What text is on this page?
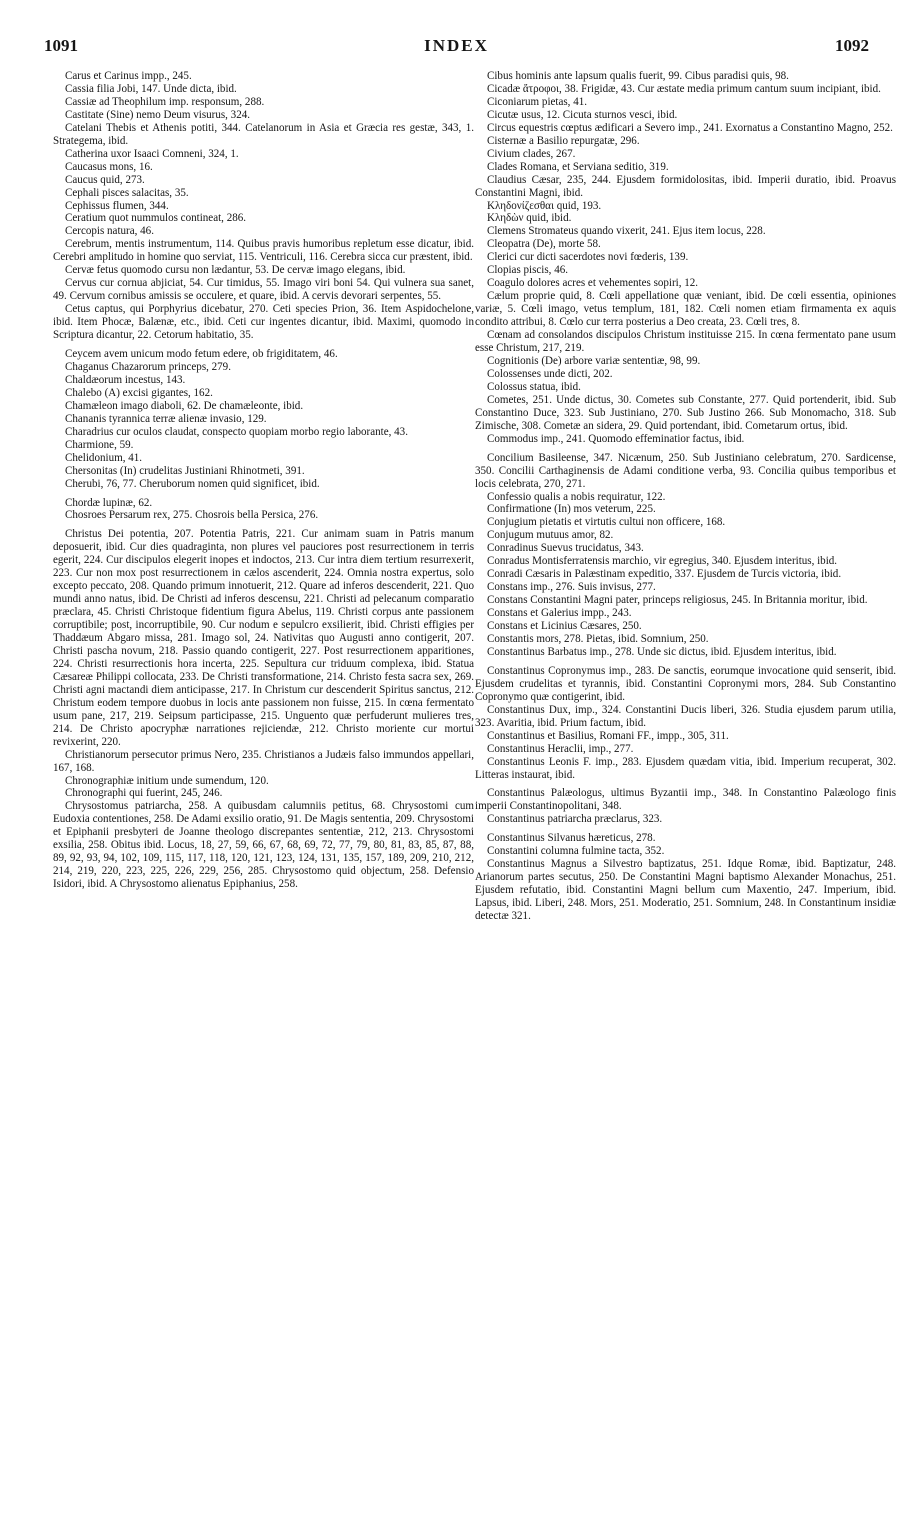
1091	INDEX	1092
Carus et Carinus impp., 245.
Cassia filia Jobi, 147. Unde dicta, ibid.
Cassiæ ad Theophilum imp. responsum, 288.
Castitate (Sine) nemo Deum visurus, 324.
Catelani Thebis et Athenis potiti, 344. Catelanorum in Asia et Græcia res gestæ, 343, 1. Strategema, ibid.
Catherina uxor Isaaci Comneni, 324, 1.
Caucasus mons, 16.
Caucus quid, 273.
Cephali pisces salacitas, 35.
Cephissus flumen, 344.
Ceratium quot nummulos contineat, 286.
Cercopis natura, 46.
Cerebrum, mentis instrumentum, 114. Quibus pravis humoribus repletum esse dicatur, ibid. Cerebri amplitudo in homine quo serviat, 115. Ventriculi, 116. Cerebra sicca cur præstent, ibid.
Cervæ fetus quomodo cursu non lædantur, 53. De cervæ imago elegans, ibid.
Cervus cur cornua abjiciat, 54. Cur timidus, 55. Imago viri boni 54. Qui vulnera sua sanet, 49. Cervum cornibus amissis se occulere, et quare, ibid. A cervis devorari serpentes, 55.
Cetus captus, qui Porphyrius dicebatur, 270. Ceti species Prion, 36. Item Aspidochelone, ibid. Item Phocæ, Balænæ, etc., ibid. Ceti cur ingentes dicantur, ibid. Maximi, quomodo in Scriptura dicantur, 22. Cetorum habitatio, 35.
Ceycem avem unicum modo fetum edere, ob frigiditatem, 46.
Chaganus Chazarorum princeps, 279.
Chaldæorum incestus, 143.
Chalebo (A) excisi gigantes, 162.
Chamæleon imago diaboli, 62. De chamæleonte, ibid.
Chananis tyrannica terræ alienæ invasio, 129.
Charadrius cur oculos claudat, conspecto quopiam morbo regio laborante, 43.
Charmione, 59.
Chelidonium, 41.
Chersonitas (In) crudelitas Justiniani Rhinotmeti, 391.
Cherubi, 76, 77. Cheruborum nomen quid significet, ibid.
Chordæ lupinæ, 62.
Chosroes Persarum rex, 275. Chosrois bella Persica, 276.
Christus Dei potentia, 207. Potentia Patris, 221. Cur animam suam in Patris manum deposuerit, ibid. Cur dies quadraginta, non plures vel pauciores post resurrectionem in terris egerit, 224. Cur discipulos elegerit inopes et indoctos, 213. Cur intra diem tertium resurrexerit, 223. Cur non mox post resurrectionem in cælos ascenderit, 224. Omnia nostra expertus, solo excepto peccato, 208. Quando primum innotuerit, 212. Quare ad inferos descenderit, 221. Quo mundi anno natus, ibid. De Christi ad inferos descensu, 221. Christi ad pelecanum comparatio præclara, 45. Christi Christoque fidentium figura Abelus, 119. Christi corpus ante passionem corruptibile; post, incorruptibile, 90. Cur nodum e sepulcro exsilierit, ibid. Christi effigies per Thaddæum Abgaro missa, 281. Imago sol, 24. Nativitas quo Augusti anno contigerit, 207. Christi pascha novum, 218. Passio quando contigerit, 227. Post resurrectionem apparitiones, 224. Christi resurrectionis hora incerta, 225. Sepultura cur triduum complexa, ibid. Statua Cæsareæ Philippi collocata, 233. De Christi transformatione, 214. Christo festa sacra sex, 269. Christi agni mactandi diem anticipasse, 217. In Christum cur descenderit Spiritus sanctus, 212. Christum eodem tempore duobus in locis ante passionem non fuisse, 215. In cœna fermentato usum pane, 217, 219. Seipsum participasse, 215. Unguento quæ perfuderunt mulieres tres, 214. De Christo apocryphæ narrationes rejiciendæ, 212. Christo moriente cur mortui revixerint, 220.
Christianorum persecutor primus Nero, 235. Christianos a Judæis falso immundos appellari, 167, 168.
Chronographiæ initium unde sumendum, 120.
Chronographi qui fuerint, 245, 246.
Chrysostomus patriarcha, 258. A quibusdam calumniis petitus, 68. Chrysostomi cum Eudoxia contentiones, 258. De Adami exsilio oratio, 91. De Magis sententia, 209. Chrysostomi et Epiphanii presbyteri de Joanne theologo discrepantes sententiæ, 212, 213. Chrysostomi exsilia, 258. Obitus ibid. Locus, 18, 27, 59, 66, 67, 68, 69, 72, 77, 79, 80, 81, 83, 85, 87, 88, 89, 92, 93, 94, 102, 109, 115, 117, 118, 120, 121, 123, 124, 131, 135, 157, 189, 209, 210, 212, 214, 219, 220, 223, 225, 226, 229, 256, 285. Chrysostomo quid objectum, 258. Defensio Isidori, ibid. A Chrysostomo alienatus Epiphanius, 258.
Cibus hominis ante lapsum qualis fuerit, 99. Cibus paradisi quis, 98.
Cicadæ ἄτροφοι, 38. Frigidæ, 43. Cur æstate media primum cantum suum incipiant, ibid.
Ciconiarum pietas, 41.
Cicutæ usus, 12. Cicuta sturnos vesci, ibid.
Circus equestris cœptus ædificari a Severo imp., 241. Exornatus a Constantino Magno, 252.
Cisternæ a Basilio repurgatæ, 296.
Civium clades, 267.
Clades Romana, et Serviana seditio, 319.
Claudius Cæsar, 235, 244. Ejusdem formidolositas, ibid. Imperii duratio, ibid. Proavus Constantini Magni, ibid.
Κληδονίζεσθαι quid, 193.
Κληδὼν quid, ibid.
Clemens Stromateus quando vixerit, 241. Ejus item locus, 228.
Cleopatra (De), morte 58.
Clerici cur dicti sacerdotes novi fœderis, 139.
Clopias piscis, 46.
Coagulo dolores acres et vehementes sopiri, 12.
Cælum proprie quid, 8. Cœli appellatione quæ veniant, ibid. De cœli essentia, opiniones variæ, 5. Cœli imago, vetus templum, 181, 182. Cœli nomen etiam firmamenta ex aquis condito attribui, 8. Cœlo cur terra posterius a Deo creata, 23. Cœli tres, 8.
Cœnam ad consolandos discipulos Christum instituisse 215. In cœna fermentato pane usum esse Christum, 217, 219.
Cognitionis (De) arbore variæ sententiæ, 98, 99.
Colossenses unde dicti, 202.
Colossus statua, ibid.
Cometes, 251. Unde dictus, 30. Cometes sub Constante, 277. Quid portenderit, ibid. Sub Constantino Duce, 323. Sub Justiniano, 270. Sub Justino 266. Sub Monomacho, 318. Sub Zimische, 308. Cometæ an sidera, 29. Quid portendant, ibid. Cometarum ortus, ibid.
Commodus imp., 241. Quomodo effeminatior factus, ibid.
Concilium Basileense, 347. Nicænum, 250. Sub Justiniano celebratum, 270. Sardicense, 350. Concilii Carthaginensis de Adami conditione verba, 93. Concilia quibus temporibus et locis celebrata, 270, 271.
Confessio qualis a nobis requiratur, 122.
Confirmatione (In) mos veterum, 225.
Conjugium pietatis et virtutis cultui non officere, 168.
Conjugum mutuus amor, 82.
Conradinus Suevus trucidatus, 343.
Conradus Montisferratensis marchio, vir egregius, 340. Ejusdem interitus, ibid.
Conradi Cæsaris in Palæstinam expeditio, 337. Ejusdem de Turcis victoria, ibid.
Constans imp., 276. Suis invisus, 277.
Constans Constantini Magni pater, princeps religiosus, 245. In Britannia moritur, ibid.
Constans et Galerius impp., 243.
Constans et Licinius Cæsares, 250.
Constantis mors, 278. Pietas, ibid. Somnium, 250.
Constantinus Barbatus imp., 278. Unde sic dictus, ibid. Ejusdem interitus, ibid.
Constantinus Copronymus imp., 283. De sanctis, eorumque invocatione quid senserit, ibid. Ejusdem crudelitas et tyrannis, ibid. Constantini Copronymi mors, 284. Sub Constantino Copronymo quæ contigerint, ibid.
Constantinus Dux, imp., 324. Constantini Ducis liberi, 326. Studia ejusdem parum utilia, 323. Avaritia, ibid. Prium factum, ibid.
Constantinus et Basilius, Romani FF., impp., 305, 311.
Constantinus Heraclii, imp., 277.
Constantinus Leonis F. imp., 283. Ejusdem quædam vitia, ibid. Imperium recuperat, 302. Litteras instaurat, ibid.
Constantinus Palæologus, ultimus Byzantii imp., 348. In Constantino Palæologo finis imperii Constantinopolitani, 348.
Constantinus patriarcha præclarus, 323.
Constantinus Silvanus hæreticus, 278.
Constantini columna fulmine tacta, 352.
Constantinus Magnus a Silvestro baptizatus, 251. Idque Romæ, ibid. Baptizatur, 248. Arianorum partes secutus, 250. De Constantini Magni baptismo Alexander Monachus, 251. Ejusdem refutatio, ibid. Constantini Magni bellum cum Maxentio, 247. Imperium, ibid. Lapsus, ibid. Liberi, 248. Mors, 251. Moderatio, 251. Somnium, 248. In Constantinum insidiæ detectæ 321.
